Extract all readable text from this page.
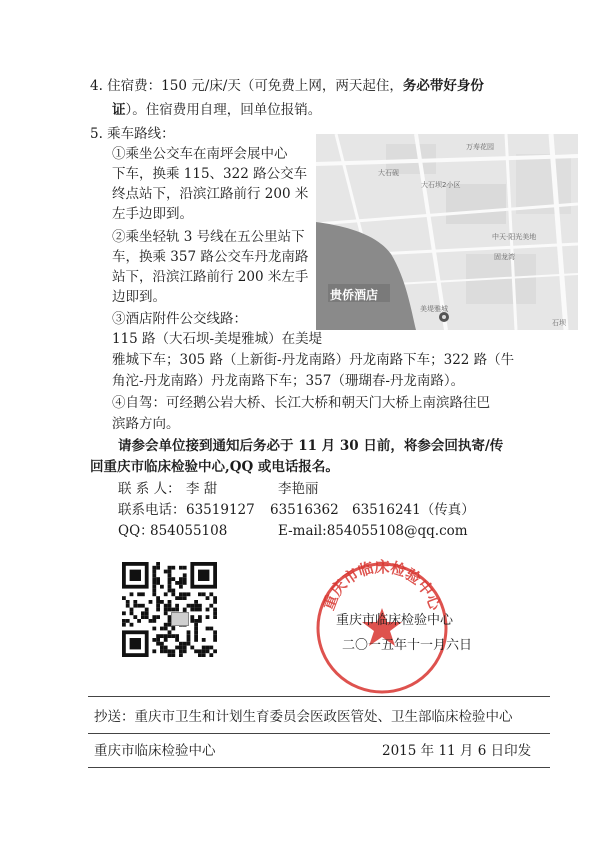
4. 住宿费：150 元/床/天（可免费上网，两天起住，务必带好身份
证）。住宿费用自理，回单位报销。
5. 乘车路线：
①乘坐公交车在南坪会展中心
下车，换乘 115、322 路公交车
终点站下，沿滨江路前行 200 米
左手边即到。
②乘坐轻轨 3 号线在五公里站下
车，换乘 357 路公交车丹龙南路
站下，沿滨江路前行 200 米左手
边即到。
③酒店附件公交线路：
115 路（大石坝-美堤雅城）在美堤
雅城下车；305 路（上新街-丹龙南路）丹龙南路下车；322 路（牛
角沱-丹龙南路）丹龙南路下车；357（珊瑚春-丹龙南路）。
④自驾：可经鹅公岩大桥、长江大桥和朝天门大桥上南滨路往巴
滨路方向。
请参会单位接到通知后务必于 11 月 30 日前，将参会回执寄/传
回重庆市临床检验中心,QQ 或电话报名。
联 系 人： 李 甜	李艳丽
联系电话： 63519127 63516362 63516241（传真）
QQ：
854055108	E-mail:854055108@qq.com
万寿花园
大石砚
大石坝2小区
中天·阳光美地
固龙湾
贵侨酒店
美堤雅城
石坝
重庆市临床检验中心
重庆市临床检验中心
二〇一五年十一月六日
抄送：重庆市卫生和计划生育委员会医政医管处、卫生部临床检验中心
重庆市临床检验中心	2015 年 11 月 6 日印发
